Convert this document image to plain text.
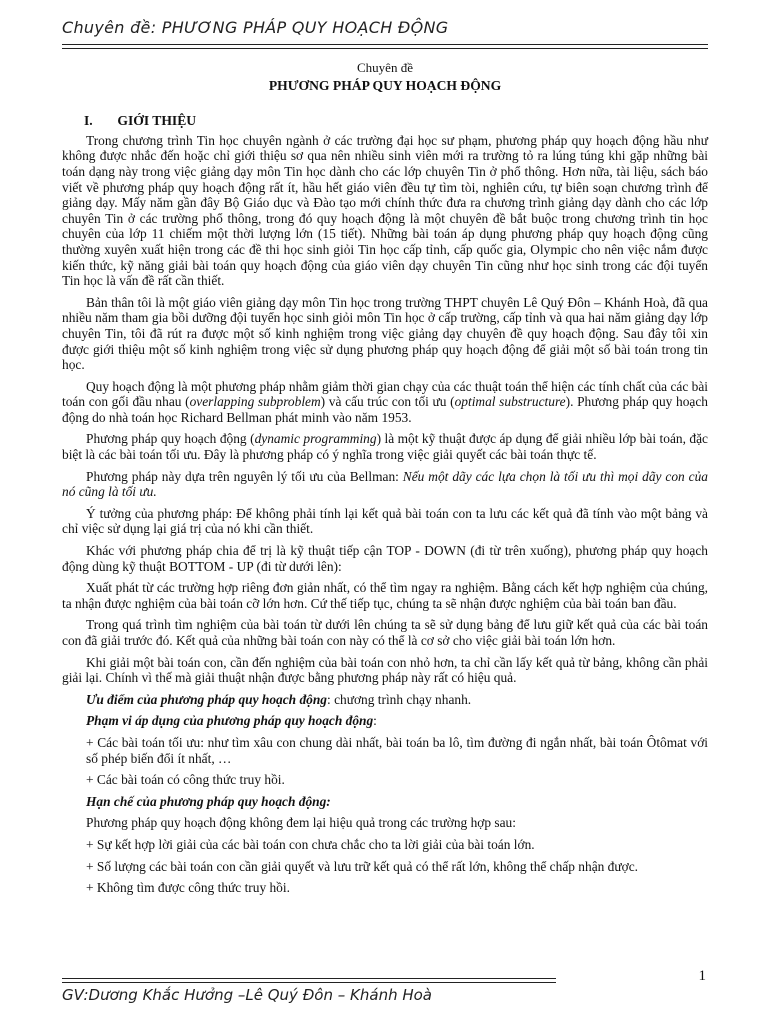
Chuyên đề: PHƯƠNG PHÁP QUY HOẠCH ĐỘNG

Chuyên đề

PHƯƠNG PHÁP QUY HOẠCH ĐỘNG

I. GIỚI THIỆU

Trong chương trình Tin học chuyên ngành ở các trường đại học sư phạm, phương pháp quy hoạch động hầu như không được nhắc đến hoặc chỉ giới thiệu sơ qua nên nhiều sinh viên mới ra trường tỏ ra lúng túng khi gặp những bài toán dạng này trong việc giảng dạy môn Tin học dành cho các lớp chuyên Tin ở phổ thông. Hơn nữa, tài liệu, sách báo viết về phương pháp quy hoạch động rất ít, hầu hết giáo viên đều tự tìm tòi, nghiên cứu, tự biên soạn chương trình để giảng dạy. Mấy năm gần đây Bộ Giáo dục và Đào tạo mới chính thức đưa ra chương trình giảng dạy dành cho các lớp chuyên Tin ở các trường phổ thông, trong đó quy hoạch động là một chuyên đề bắt buộc trong chương trình tin học chuyên của lớp 11 chiếm một thời lượng lớn (15 tiết). Những bài toán áp dụng phương pháp quy hoạch động cũng thường xuyên xuất hiện trong các đề thi học sinh giỏi Tin học cấp tỉnh, cấp quốc gia, Olympic cho nên việc nắm được kiến thức, kỹ năng giải bài toán quy hoạch động của giáo viên dạy chuyên Tin cũng như học sinh trong các đội tuyển Tin học là vấn đề rất cần thiết.

Bản thân tôi là một giáo viên giảng dạy môn Tin học trong trường THPT chuyên Lê Quý Đôn – Khánh Hoà, đã qua nhiều năm tham gia bồi dưỡng đội tuyển học sinh giỏi môn Tin học ở cấp trường, cấp tỉnh và qua hai năm giảng dạy lớp chuyên Tin, tôi đã rút ra được một số kinh nghiệm trong việc giảng dạy chuyên đề quy hoạch động. Sau đây tôi xin được giới thiệu một số kinh nghiệm trong việc sử dụng phương pháp quy hoạch động để giải một số bài toán trong tin học.

Quy hoạch động là một phương pháp nhằm giảm thời gian chạy của các thuật toán thể hiện các tính chất của các bài toán con gối đầu nhau (overlapping subproblem) và cấu trúc con tối ưu (optimal substructure). Phương pháp quy hoạch động do nhà toán học Richard Bellman phát minh vào năm 1953.

Phương pháp quy hoạch động (dynamic programming) là một kỹ thuật được áp dụng để giải nhiều lớp bài toán, đặc biệt là các bài toán tối ưu. Đây là phương pháp có ý nghĩa trong việc giải quyết các bài toán thực tế.

Phương pháp này dựa trên nguyên lý tối ưu của Bellman: Nếu một dãy các lựa chọn là tối ưu thì mọi dãy con của nó cũng là tối ưu.

Ý tưởng của phương pháp: Để không phải tính lại kết quả bài toán con ta lưu các kết quả đã tính vào một bảng và chỉ việc sử dụng lại giá trị của nó khi cần thiết.

Khác với phương pháp chia để trị là kỹ thuật tiếp cận TOP - DOWN (đi từ trên xuống), phương pháp quy hoạch động dùng kỹ thuật BOTTOM - UP (đi từ dưới lên):

Xuất phát từ các trường hợp riêng đơn giản nhất, có thể tìm ngay ra nghiệm. Bằng cách kết hợp nghiệm của chúng, ta nhận được nghiệm của bài toán cỡ lớn hơn. Cứ thế tiếp tục, chúng ta sẽ nhận được nghiệm của bài toán ban đầu.

Trong quá trình tìm nghiệm của bài toán từ dưới lên chúng ta sẽ sử dụng bảng để lưu giữ kết quả của các bài toán con đã giải trước đó. Kết quả của những bài toán con này có thể là cơ sở cho việc giải bài toán lớn hơn.

Khi giải một bài toán con, cần đến nghiệm của bài toán con nhỏ hơn, ta chỉ cần lấy kết quả từ bảng, không cần phải giải lại. Chính vì thế mà giải thuật nhận được bằng phương pháp này rất có hiệu quả.

Ưu điểm của phương pháp quy hoạch động: chương trình chạy nhanh.

Phạm vi áp dụng của phương pháp quy hoạch động:

+ Các bài toán tối ưu: như tìm xâu con chung dài nhất, bài toán ba lô, tìm đường đi ngắn nhất, bài toán Ôtômat với số phép biến đổi ít nhất, …

+ Các bài toán có công thức truy hồi.

Hạn chế của phương pháp quy hoạch động:

Phương pháp quy hoạch động không đem lại hiệu quả trong các trường hợp sau:

+ Sự kết hợp lời giải của các bài toán con chưa chắc cho ta lời giải của bài toán lớn.

+ Số lượng các bài toán con cần giải quyết và lưu trữ kết quả có thể rất lớn, không thể chấp nhận được.

+ Không tìm được công thức truy hồi.

1
GV:Dương Khắc Hưởng –Lê Quý Đôn – Khánh Hoà
